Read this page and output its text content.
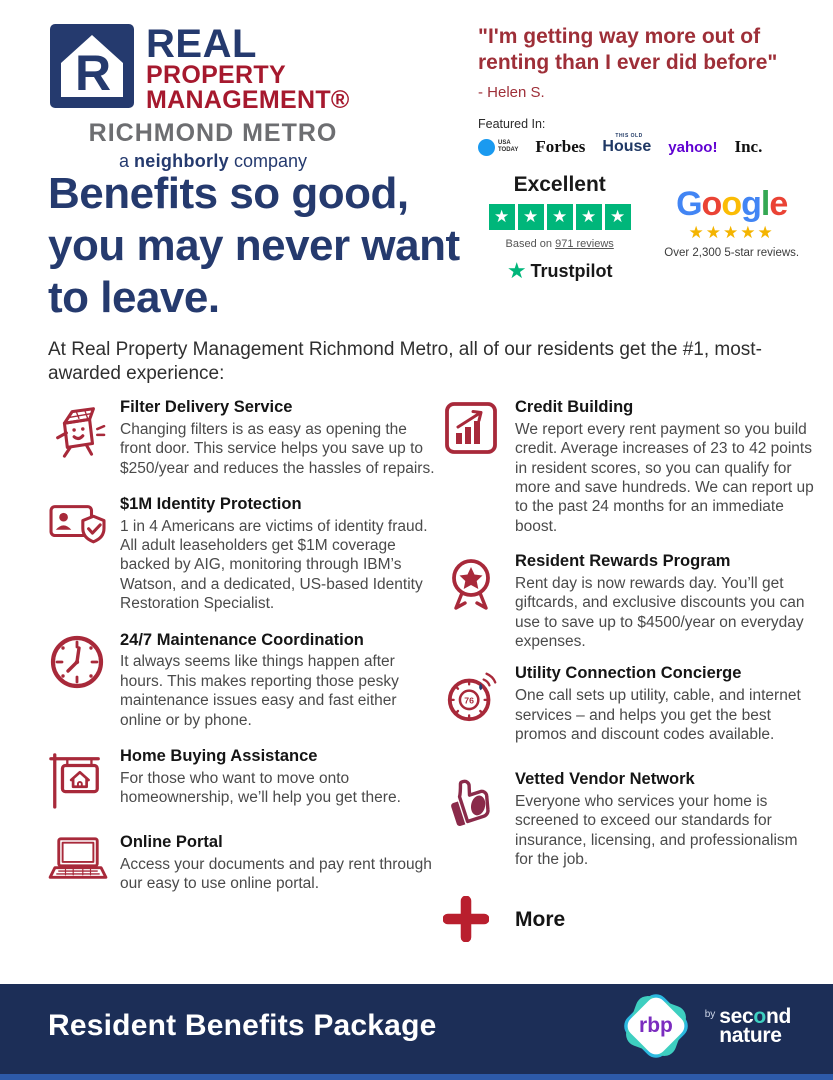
R
REAL
PROPERTY
MANAGEMENT®
RICHMOND METRO
a neighborly company
"I'm getting way more out of renting than I ever did before"
- Helen S.
Featured In:
USA
TODAY Forbes
THIS OLD
House yahoo! Inc.
Excellent
★ ★ ★ ★ ★
Based on 971 reviews
★ Trustpilot
Google
★★★★★
Over 2,300 5-star reviews.
Benefits so good, you may never want to leave.
At Real Property Management Richmond Metro, all of our residents get the #1, most-awarded experience:
Filter Delivery Service
Changing filters is as easy as opening the front door. This service helps you save up to $250/year and reduces the hassles of repairs.
$1M Identity Protection
1 in 4 Americans are victims of identity fraud. All adult leaseholders get $1M coverage backed by AIG, monitoring through IBM’s Watson, and a dedicated, US-based Identity Restoration Specialist.
24/7 Maintenance Coordination
It always seems like things happen after hours. This makes reporting those pesky maintenance issues easy and fast either online or by phone.
Home Buying Assistance
For those who want to move onto homeownership, we’ll help you get there.
Online Portal
Access your documents and pay rent through our easy to use online portal.
Credit Building
We report every rent payment so you build credit. Average increases of 23 to 42 points in resident scores, so you can qualify for more and save hundreds. We can report up to the past 24 months for an immediate boost.
Resident Rewards Program
Rent day is now rewards day. You’ll get giftcards, and exclusive discounts you can use to save up to $4500/year on everyday expenses.
76
Utility Connection Concierge
One call sets up utility, cable, and internet services – and helps you get the best promos and discount codes available.
Vetted Vendor Network
Everyone who services your home is screened to exceed our standards for insurance, licensing, and professionalism for the job.
More
Resident Benefits Package	rbp	by second
nature
